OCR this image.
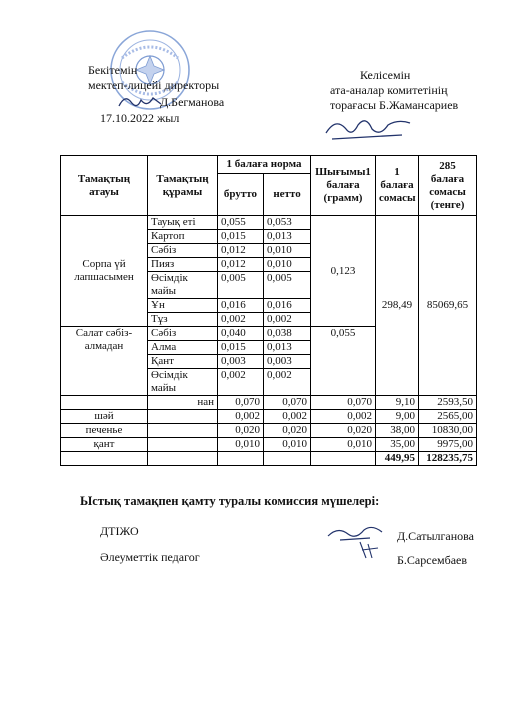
Бекітемін
мектеп-лицейі директоры
Д.Бегманова
17.10.2022 жыл
Келісемін
ата-аналар комитетінің
торағасы Б.Жамансариев
Тамақтың атауы	Тамақтың құрамы	1 балаға норма		Шығымы1 балаға (грамм)	1 балаға сомасы	285 балаға сомасы (тенге)
		брутто	нетто			
Сорпа үй лапшасымен	Тауық еті	0,055	0,053	0,123	298,49	85069,65
	Картоп	0,015	0,013			
	Сәбіз	0,012	0,010			
	Пияз	0,012	0,010			
	Өсімдік майы	0,005	0,005			
	Ұн	0,016	0,016			
	Тұз	0,002	0,002			
Салат сәбіз-алмадан	Сәбіз	0,040	0,038	0,055		
	Алма	0,015	0,013			
	Қант	0,003	0,003			
	Өсімдік майы	0,002	0,002			
	нан	0,070	0,070	0,070	9,10	2593,50
шәй		0,002	0,002	0,002	9,00	2565,00
печенье		0,020	0,020	0,020	38,00	10830,00
қант		0,010	0,010	0,010	35,00	9975,00
					449,95	128235,75
Ыстық тамақпен қамту туралы комиссия мүшелері:
ДТІЖО	Д.Сатылганова
Әлеуметтік педагог	Б.Сарсембаев
